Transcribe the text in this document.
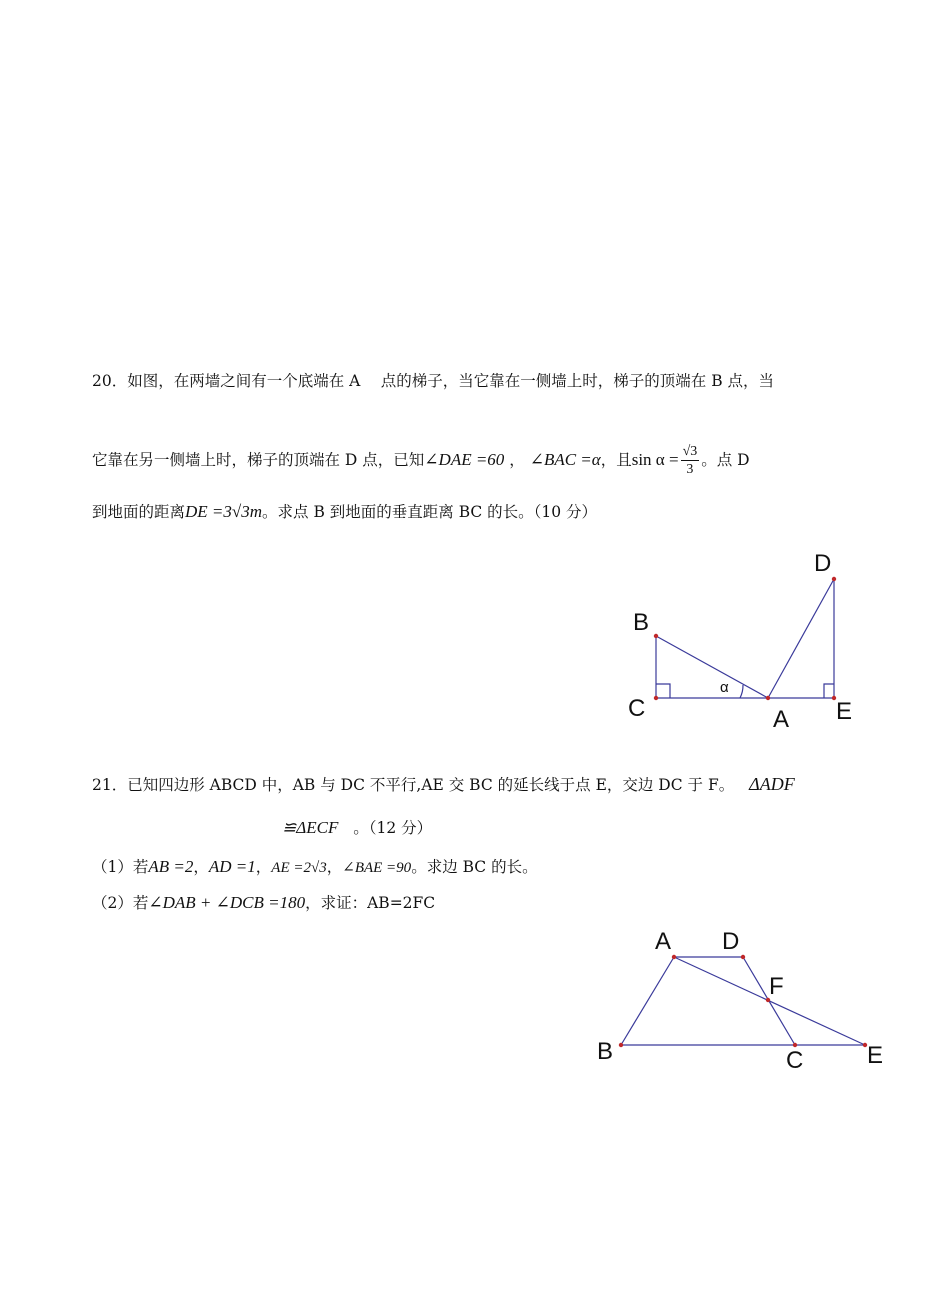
20．如图，在两墙之间有一个底端在 A　 点的梯子，当它靠在一侧墙上时，梯子的顶端在 B 点，当
它靠在另一侧墙上时，梯子的顶端在 D 点，已知∠DAE =60 ， ∠BAC =α，且$\sin \alpha = \frac{√3}{3}$ 。点 D
到地面的距离DE =3√3m。求点 B 到地面的垂直距离 BC 的长。（10 分）
B
C	A
D
E
α
21．已知四边形 ABCD 中，AB 与 DC 不平行,AE 交 BC 的延长线于点 E，交边 DC 于 F。 ΔADF
≌ΔECF 。（12 分）
（1）若AB =2，AD =1，AE =2√3，∠BAE =90。求边 BC 的长。
（2）若∠DAB + ∠DCB =180，求证：AB=2FC
A D
F
B	C	E
